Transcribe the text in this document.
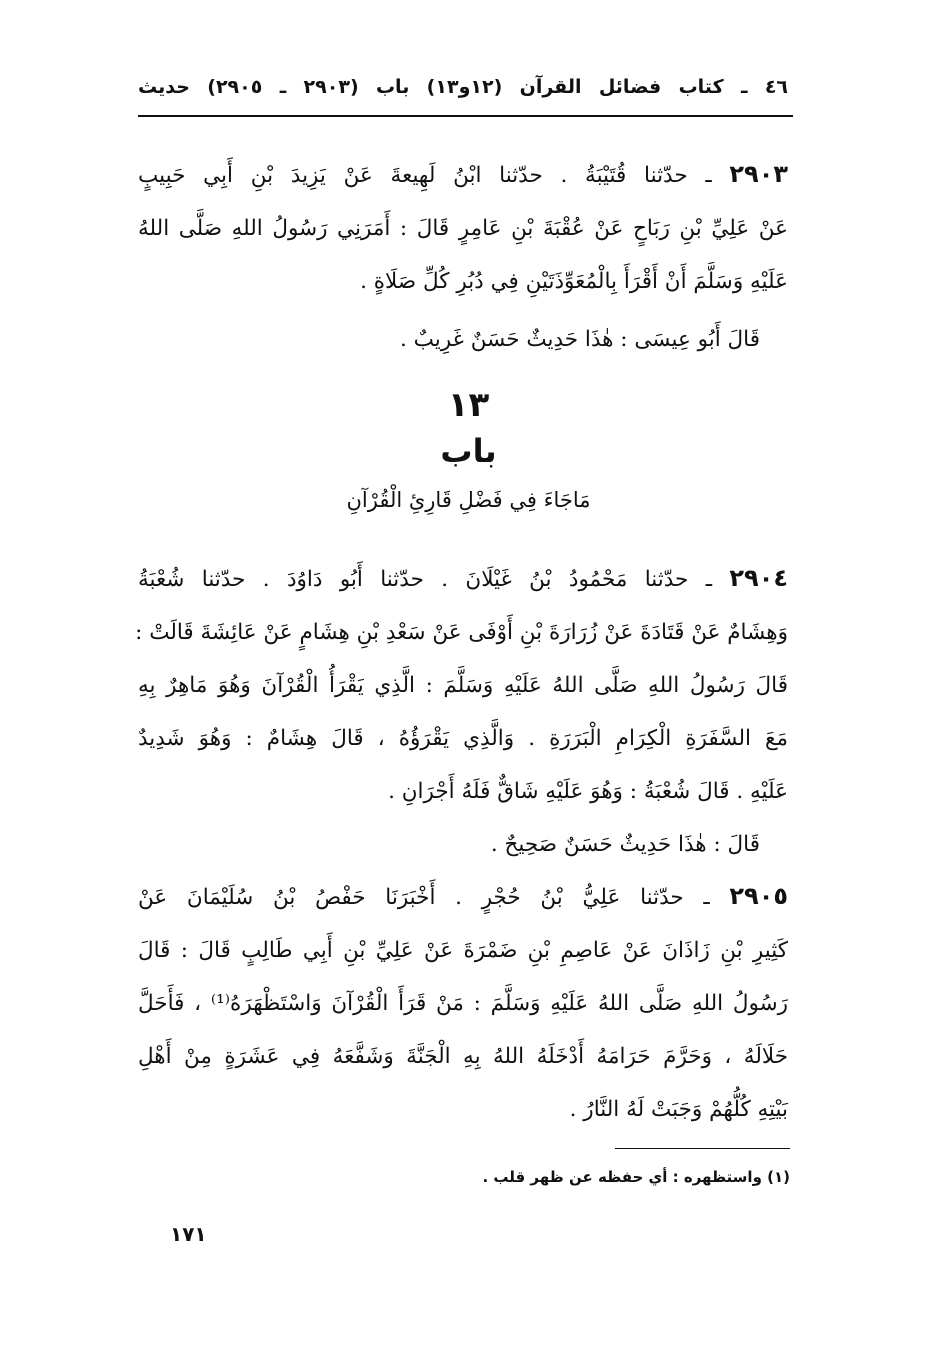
٤٦ ـ كتاب فضائل القرآن (١٢و١٣) باب (٢٩٠٣ ـ ٢٩٠٥) حديث
٢٩٠٣ ـ حدّثنا قُتَيْبَةُ . حدّثنا ابْنُ لَهِيعةَ عَنْ يَزِيدَ بْنِ أَبِي حَبِيبٍ
عَنْ عَلِيِّ بْنِ رَبَاحٍ عَنْ عُقْبَةَ بْنِ عَامِرٍ قَالَ : أَمَرَنِي رَسُولُ اللهِ صَلَّى اللهُ
عَلَيْهِ وَسَلَّمَ أَنْ أَقْرَأَ بِالْمُعَوِّذَتَيْنِ فِي دُبُرِ كُلِّ صَلَاةٍ .
قَالَ أَبُو عِيسَى : هٰذَا حَدِيثٌ حَسَنٌ غَرِيبٌ .
١٣
باب
مَاجَاءَ فِي فَضْلِ قَارِئِ الْقُرْآنِ
٢٩٠٤ ـ حدّثنا مَحْمُودُ بْنُ غَيْلَانَ . حدّثنا أَبُو دَاوُدَ . حدّثنا شُعْبَةُ
وَهِشَامٌ عَنْ قَتَادَةَ عَنْ زُرَارَةَ بْنِ أَوْفَى عَنْ سَعْدِ بْنِ هِشَامٍ عَنْ عَائِشَةَ قَالَتْ :
قَالَ رَسُولُ اللهِ صَلَّى اللهُ عَلَيْهِ وَسَلَّمَ : الَّذِي يَقْرَأُ الْقُرْآنَ وَهُوَ مَاهِرٌ بِهِ
مَعَ السَّفَرَةِ الْكِرَامِ الْبَرَرَةِ . وَالَّذِي يَقْرَؤُهُ ، قَالَ هِشَامٌ : وَهُوَ شَدِيدٌ
عَلَيْهِ . قَالَ شُعْبَةُ : وَهُوَ عَلَيْهِ شَاقٌّ فَلَهُ أَجْرَانِ .
قَالَ : هٰذَا حَدِيثٌ حَسَنٌ صَحِيحٌ .
٢٩٠٥ ـ حدّثنا عَلِيُّ بْنُ حُجْرٍ . أَخْبَرَنَا حَفْصُ بْنُ سُلَيْمَانَ عَنْ
كَثِيرِ بْنِ زَاذَانَ عَنْ عَاصِمِ بْنِ ضَمْرَةَ عَنْ عَلِيِّ بْنِ أَبِي طَالِبٍ قَالَ : قَالَ
رَسُولُ اللهِ صَلَّى اللهُ عَلَيْهِ وَسَلَّمَ : مَنْ قَرَأَ الْقُرْآنَ وَاسْتَظْهَرَهُ⁽¹⁾ ، فَأَحَلَّ
حَلَالَهُ ، وَحَرَّمَ حَرَامَهُ أَدْخَلَهُ اللهُ بِهِ الْجَنَّةَ وَشَفَّعَهُ فِي عَشَرَةٍ مِنْ أَهْلِ
بَيْتِهِ كُلُّهُمْ وَجَبَتْ لَهُ النَّارُ .
(١) واستظهره : أي حفظه عن ظهر قلب .
١٧١
